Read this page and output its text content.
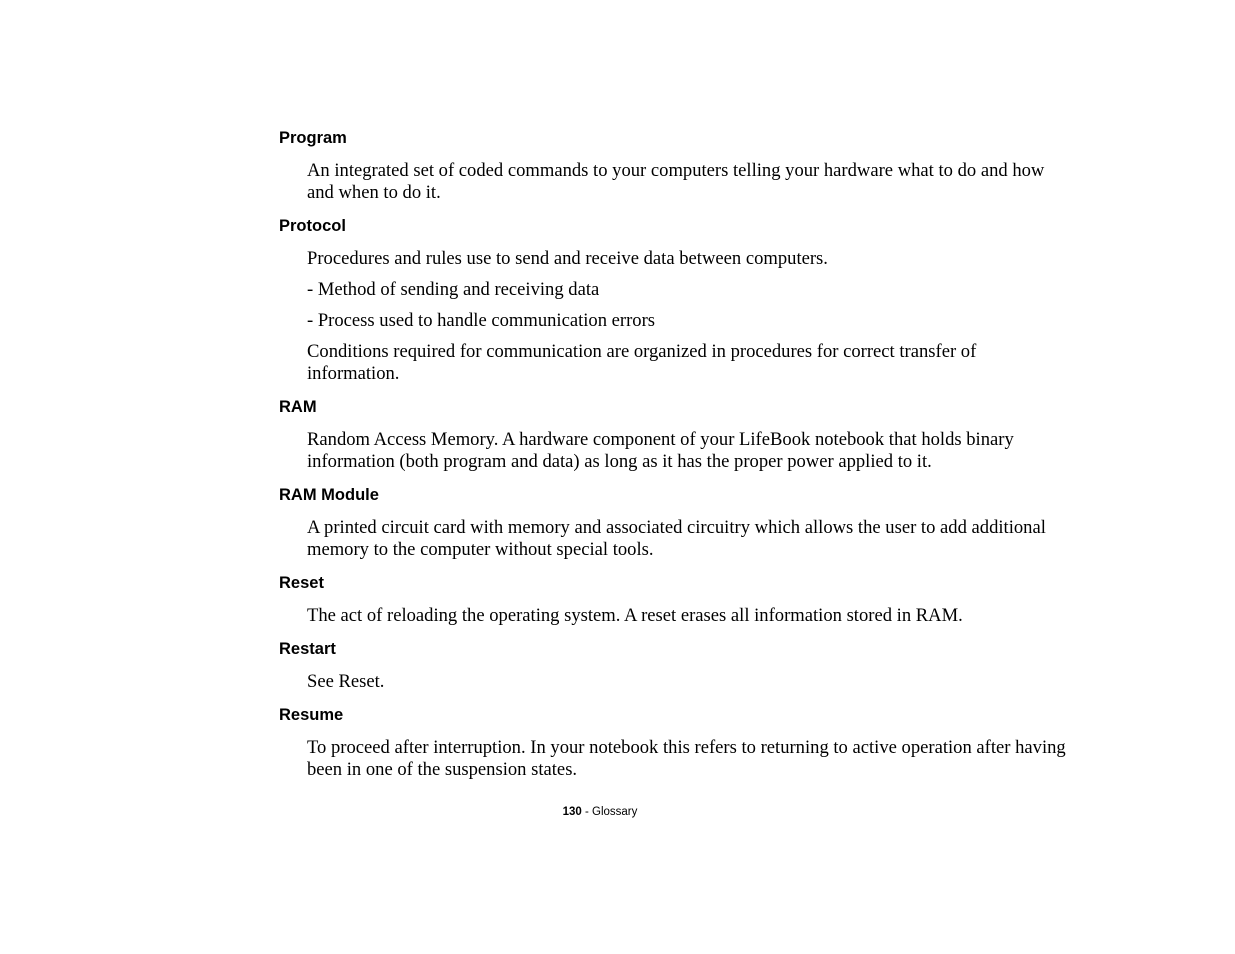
Program

An integrated set of coded commands to your computers telling your hardware what to do and how and when to do it.

Protocol

Procedures and rules use to send and receive data between computers.

- Method of sending and receiving data

- Process used to handle communication errors

Conditions required for communication are organized in procedures for correct transfer of information.

RAM

Random Access Memory. A hardware component of your LifeBook notebook that holds binary information (both program and data) as long as it has the proper power applied to it.

RAM Module

A printed circuit card with memory and associated circuitry which allows the user to add additional memory to the computer without special tools.

Reset

The act of reloading the operating system. A reset erases all information stored in RAM.

Restart

See Reset.

Resume

To proceed after interruption. In your notebook this refers to returning to active operation after having been in one of the suspension states.

130 - Glossary
